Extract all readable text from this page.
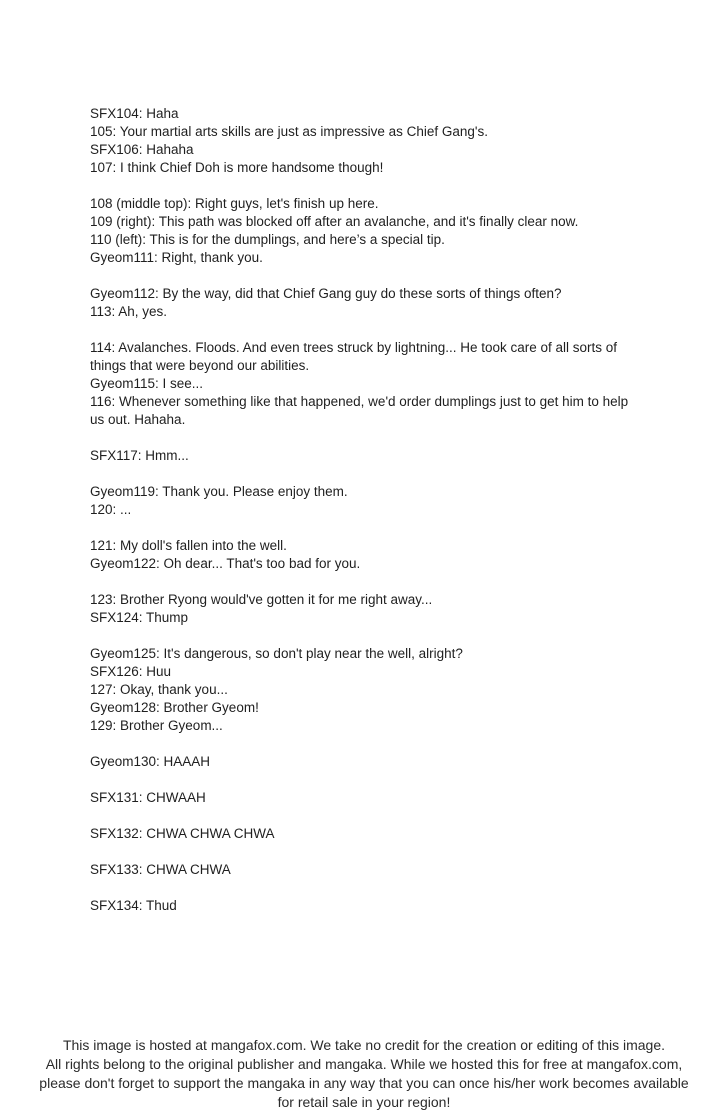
SFX104: Haha
105: Your martial arts skills are just as impressive as Chief Gang's.
SFX106: Hahaha
107: I think Chief Doh is more handsome though!

108 (middle top): Right guys, let's finish up here.
109 (right): This path was blocked off after an avalanche, and it's finally clear now.
110 (left): This is for the dumplings, and here’s a special tip.
Gyeom111: Right, thank you.

Gyeom112: By the way, did that Chief Gang guy do these sorts of things often?
113: Ah, yes.

114: Avalanches. Floods. And even trees struck by lightning... He took care of all sorts of
things that were beyond our abilities.
Gyeom115: I see...
116: Whenever something like that happened, we'd order dumplings just to get him to help
us out. Hahaha.

SFX117: Hmm...

Gyeom119: Thank you. Please enjoy them.
120: ...

121: My doll's fallen into the well.
Gyeom122: Oh dear... That's too bad for you.

123: Brother Ryong would've gotten it for me right away...
SFX124: Thump

Gyeom125: It's dangerous, so don't play near the well, alright?
SFX126: Huu
127: Okay, thank you...
Gyeom128: Brother Gyeom!
129: Brother Gyeom...

Gyeom130: HAAAH

SFX131: CHWAAH

SFX132: CHWA CHWA CHWA

SFX133: CHWA CHWA

SFX134: Thud
This image is hosted at mangafox.com. We take no credit for the creation or editing of this image.
All rights belong to the original publisher and mangaka. While we hosted this for free at mangafox.com,
please don't forget to support the mangaka in any way that you can once his/her work becomes available
for retail sale in your region!
